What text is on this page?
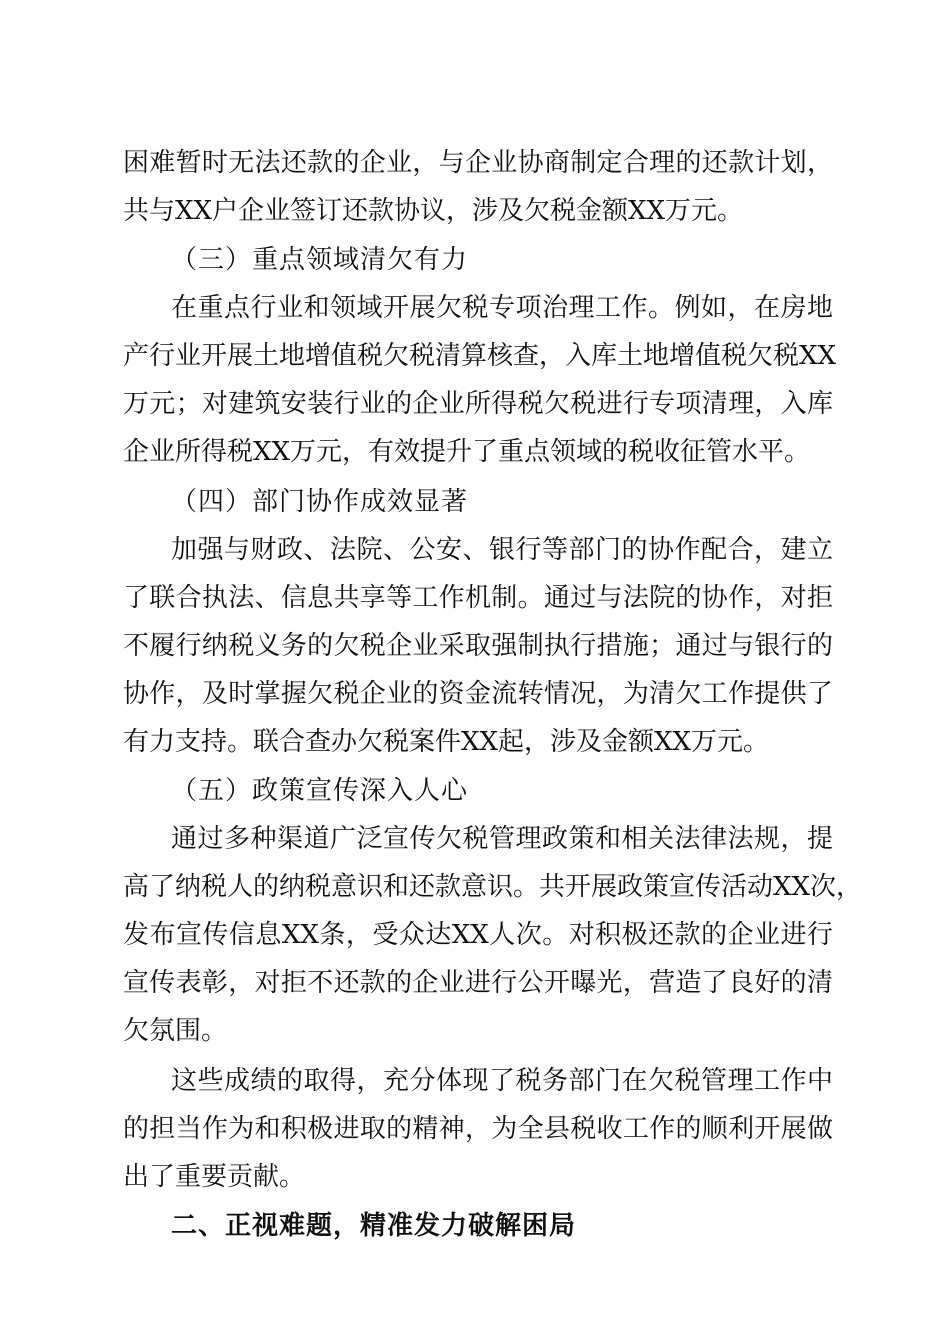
困难暂时无法还款的企业，与企业协商制定合理的还款计划，
共与XX户企业签订还款协议，涉及欠税金额XX万元。
（三）重点领域清欠有力
在重点行业和领域开展欠税专项治理工作。例如，在房地
产行业开展土地增值税欠税清算核查，入库土地增值税欠税XX
万元；对建筑安装行业的企业所得税欠税进行专项清理，入库
企业所得税XX万元，有效提升了重点领域的税收征管水平。
（四）部门协作成效显著
加强与财政、法院、公安、银行等部门的协作配合，建立
了联合执法、信息共享等工作机制。通过与法院的协作，对拒
不履行纳税义务的欠税企业采取强制执行措施；通过与银行的
协作，及时掌握欠税企业的资金流转情况，为清欠工作提供了
有力支持。联合查办欠税案件XX起，涉及金额XX万元。
（五）政策宣传深入人心
通过多种渠道广泛宣传欠税管理政策和相关法律法规，提
高了纳税人的纳税意识和还款意识。共开展政策宣传活动XX次，
发布宣传信息XX条，受众达XX人次。对积极还款的企业进行
宣传表彰，对拒不还款的企业进行公开曝光，营造了良好的清
欠氛围。
这些成绩的取得，充分体现了税务部门在欠税管理工作中
的担当作为和积极进取的精神，为全县税收工作的顺利开展做
出了重要贡献。
二、正视难题，精准发力破解困局
